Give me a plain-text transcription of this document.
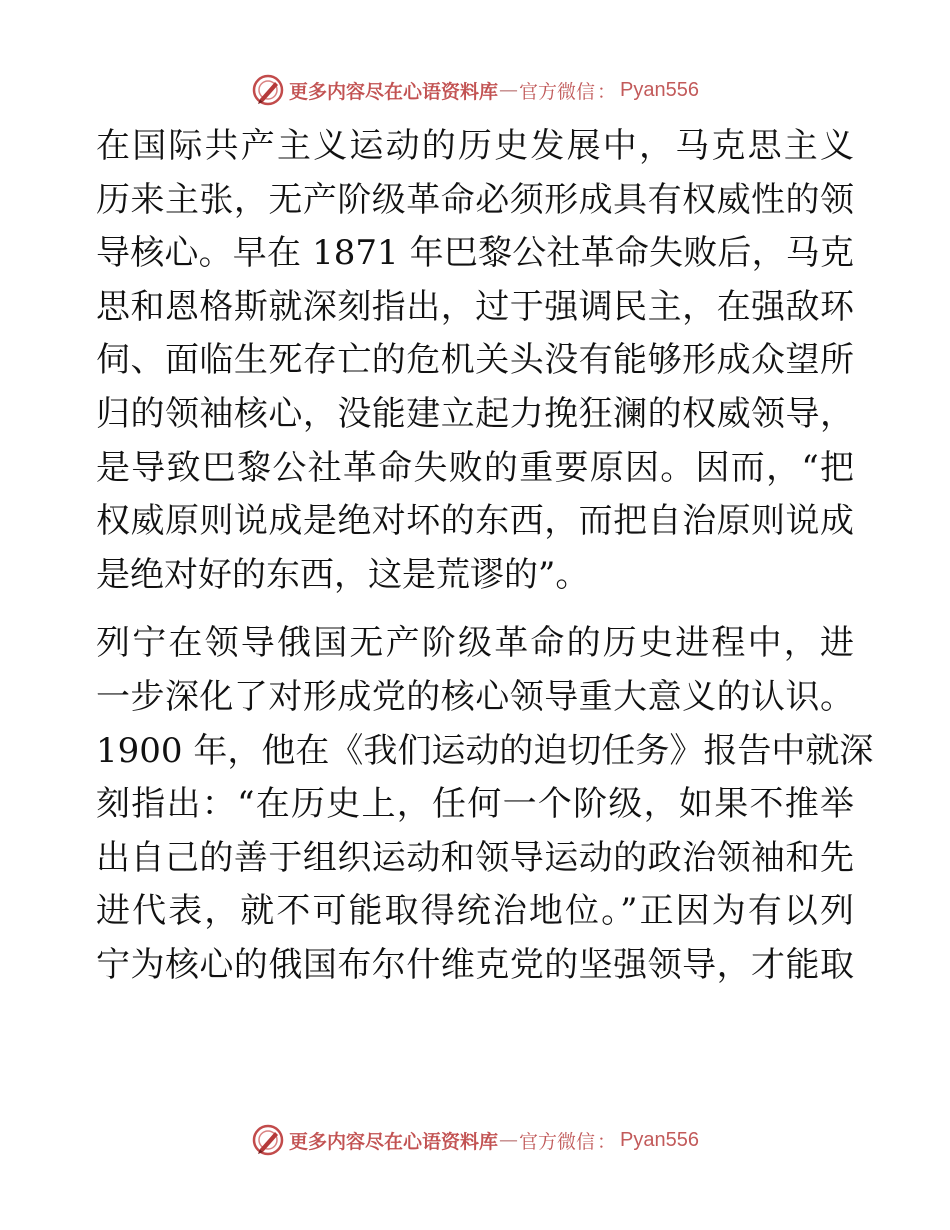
更多内容尽在心语资料库 — 官方微信 ： Pyan556

在国际共产主义运动的历史发展中，马克思主义
历来主张，无产阶级革命必须形成具有权威性的领
导核心。早在 1871 年巴黎公社革命失败后，马克
思和恩格斯就深刻指出，过于强调民主，在强敌环
伺、面临生死存亡的危机关头没有能够形成众望所
归的领袖核心，没能建立起力挽狂澜的权威领导，
是导致巴黎公社革命失败的重要原因。因而，“把
权威原则说成是绝对坏的东西，而把自治原则说成
是绝对好的东西，这是荒谬的”。

列宁在领导俄国无产阶级革命的历史进程中，进
一步深化了对形成党的核心领导重大意义的认识。
1900 年，他在《我们运动的迫切任务》报告中就深
刻指出：“在历史上，任何一个阶级，如果不推举
出自己的善于组织运动和领导运动的政治领袖和先
进代表，就不可能取得统治地位。”正因为有以列
宁为核心的俄国布尔什维克党的坚强领导，才能取

更多内容尽在心语资料库 — 官方微信 ： Pyan556
